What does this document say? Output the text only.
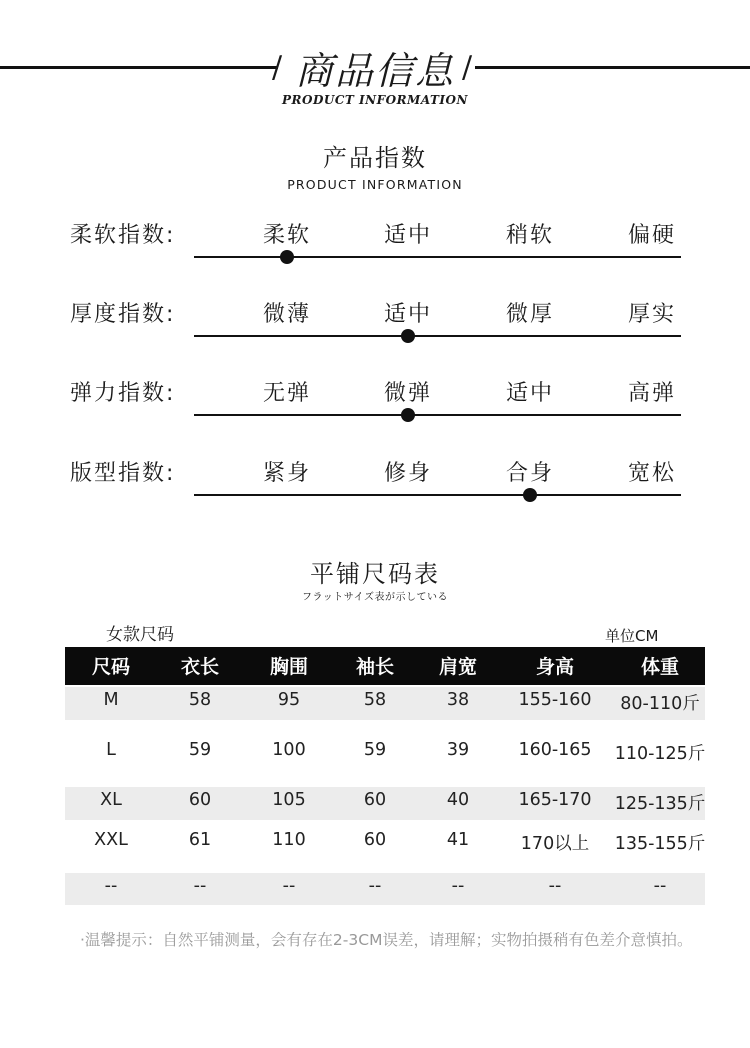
/	/
商品信息
PRODUCT INFORMATION
产品指数
PRODUCT INFORMATION
柔软指数:	柔软	适中	稍软	偏硬
厚度指数:	微薄	适中	微厚	厚实
弹力指数:	无弹	微弹	适中	高弹
版型指数:	紧身	修身	合身	宽松
平铺尺码表
フラットサイズ表が示している
女款尺码	单位CM
尺码	衣长	胸围	袖长	肩宽	身高	体重
M	58	95	58	38	155-160	80-110斤
L	59	100	59	39	160-165	110-125斤
XL	60	105	60	40	165-170	125-135斤
XXL	61	110	60	41	170以上	135-155斤
--	--	--	--	--	--	--
·温馨提示：自然平铺测量，会有存在2-3CM误差，请理解；实物拍摄稍有色差介意慎拍。
